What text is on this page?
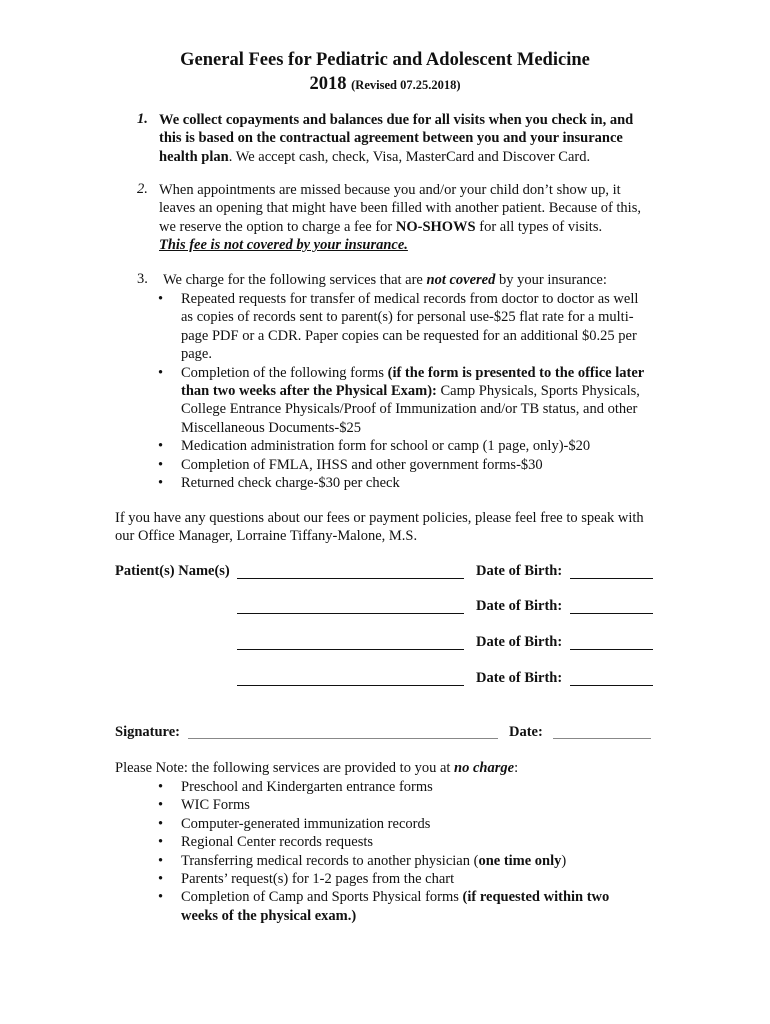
General Fees for Pediatric and Adolescent Medicine
2018 (Revised 07.25.2018)
1. We collect copayments and balances due for all visits when you check in, and this is based on the contractual agreement between you and your insurance health plan. We accept cash, check, Visa, MasterCard and Discover Card.
2. When appointments are missed because you and/or your child don’t show up, it leaves an opening that might have been filled with another patient. Because of this, we reserve the option to charge a fee for NO-SHOWS for all types of visits.
This fee is not covered by your insurance.
3. We charge for the following services that are not covered by your insurance:
• Repeated requests for transfer of medical records from doctor to doctor as well as copies of records sent to parent(s) for personal use-$25 flat rate for a multi-page PDF or a CDR. Paper copies can be requested for an additional $0.25 per page.
• Completion of the following forms (if the form is presented to the office later than two weeks after the Physical Exam): Camp Physicals, Sports Physicals, College Entrance Physicals/Proof of Immunization and/or TB status, and other Miscellaneous Documents-$25
• Medication administration form for school or camp (1 page, only)-$20
• Completion of FMLA, IHSS and other government forms-$30
• Returned check charge-$30 per check
If you have any questions about our fees or payment policies, please feel free to speak with our Office Manager, Lorraine Tiffany-Malone, M.S.
Patient(s) Name(s)	Date of Birth:
Date of Birth:
Date of Birth:
Date of Birth:
Signature:	Date:
Please Note: the following services are provided to you at no charge:
• Preschool and Kindergarten entrance forms
• WIC Forms
• Computer-generated immunization records
• Regional Center records requests
• Transferring medical records to another physician (one time only)
• Parents’ request(s) for 1-2 pages from the chart
• Completion of Camp and Sports Physical forms (if requested within two weeks of the physical exam.)
